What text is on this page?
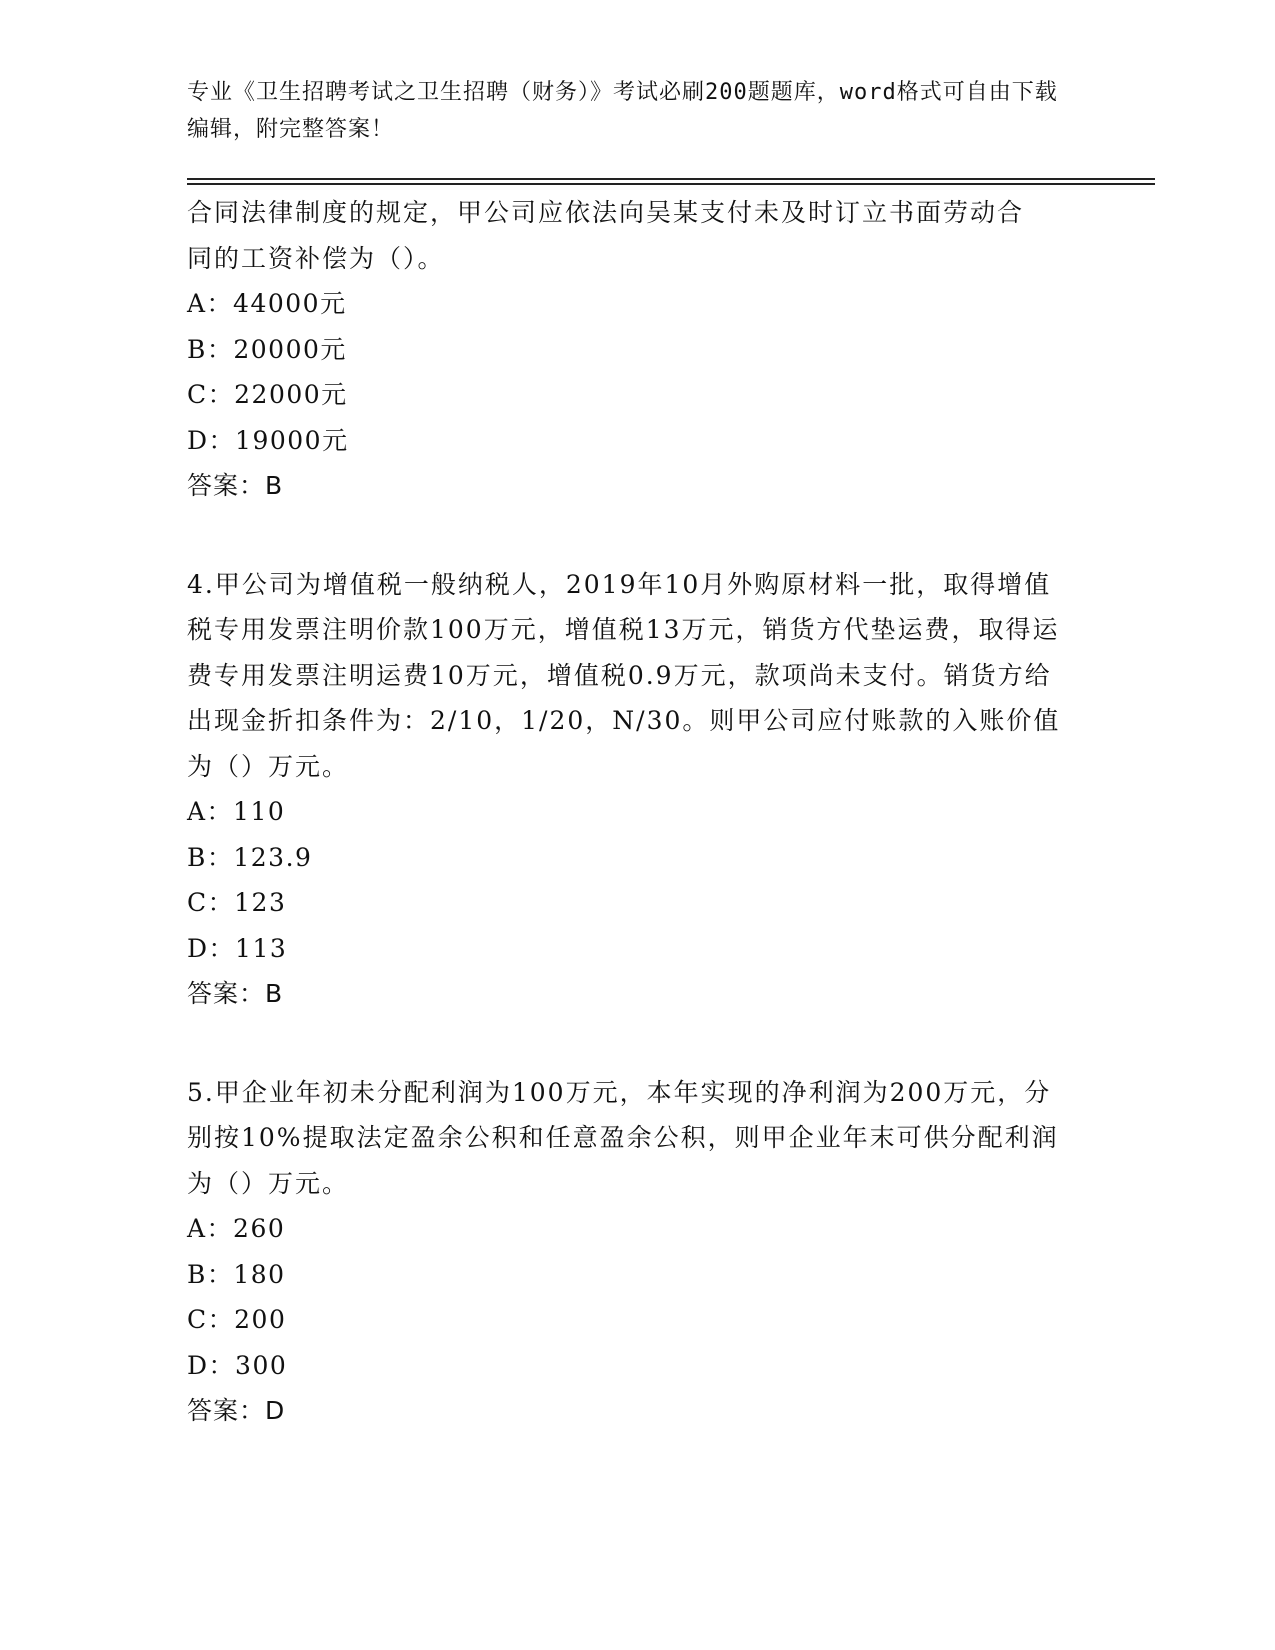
专业《卫生招聘考试之卫生招聘（财务）》考试必刷200题题库，word格式可自由下载编辑，附完整答案！
合同法律制度的规定，甲公司应依法向吴某支付未及时订立书面劳动合同的工资补偿为（）。
A：44000元
B：20000元
C：22000元
D：19000元
答案：B
4.甲公司为增值税一般纳税人，2019年10月外购原材料一批，取得增值税专用发票注明价款100万元，增值税13万元，销货方代垫运费，取得运费专用发票注明运费10万元，增值税0.9万元，款项尚未支付。销货方给出现金折扣条件为：2/10，1/20，N/30。则甲公司应付账款的入账价值为（）万元。
A：110
B：123.9
C：123
D：113
答案：B
5.甲企业年初未分配利润为100万元，本年实现的净利润为200万元，分别按10%提取法定盈余公积和任意盈余公积，则甲企业年末可供分配利润为（）万元。
A：260
B：180
C：200
D：300
答案：D
